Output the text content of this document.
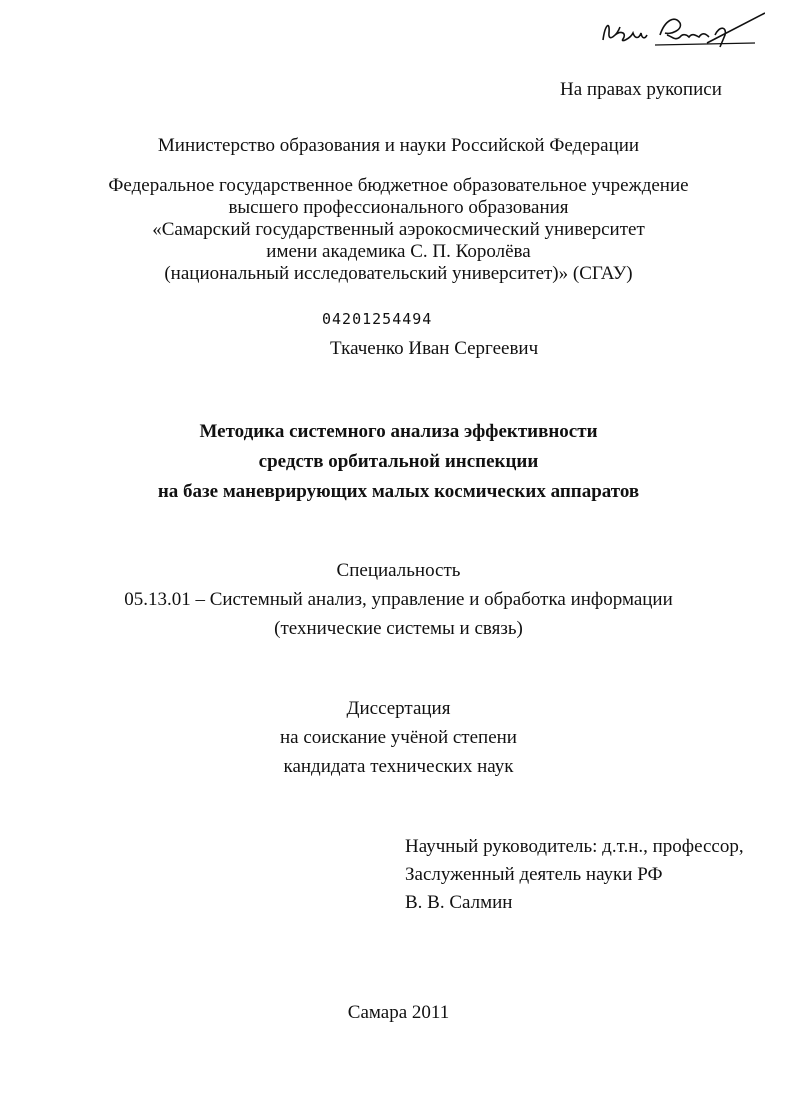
На правах рукописи
Министерство образования и науки Российской Федерации
Федеральное государственное бюджетное образовательное учреждение
высшего профессионального образования
«Самарский государственный аэрокосмический университет
имени академика С. П. Королёва
(национальный исследовательский университет)» (СГАУ)
04201254494
Ткаченко Иван Сергеевич
Методика системного анализа эффективности
средств орбитальной инспекции
на базе маневрирующих малых космических аппаратов
Специальность
05.13.01 – Системный анализ, управление и обработка информации
(технические системы и связь)
Диссертация
на соискание учёной степени
кандидата технических наук
Научный руководитель: д.т.н., профессор,
Заслуженный деятель науки РФ
В. В. Салмин
Самара 2011
